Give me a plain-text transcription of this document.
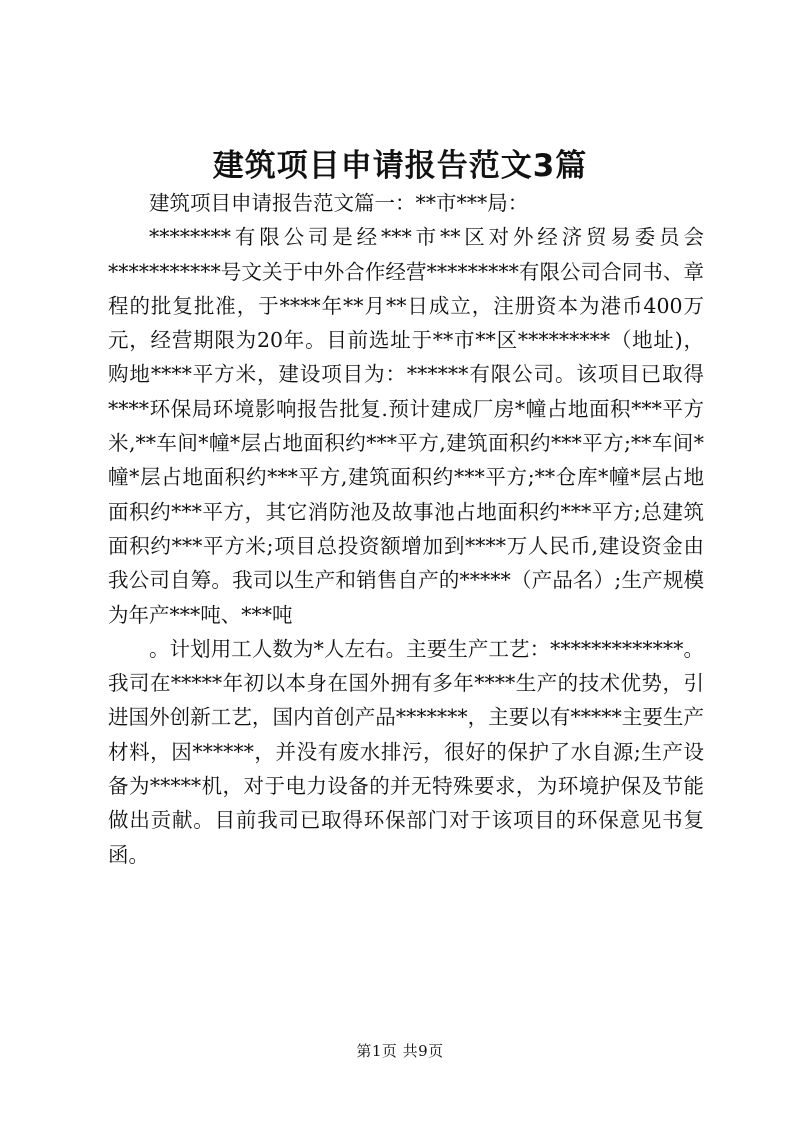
建筑项目申请报告范文3篇

建筑项目申请报告范文篇一：**市***局：

********有限公司是经***市**区对外经济贸易委员会***********号文关于中外合作经营*********有限公司合同书、章程的批复批准，于****年**月**日成立，注册资本为港币400万元，经营期限为20年。目前选址于**市**区*********（地址)，购地****平方米，建设项目为：******有限公司。该项目已取得****环保局环境影响报告批复.预计建成厂房*幢占地面积***平方米,**车间*幢*层占地面积约***平方,建筑面积约***平方;**车间*幢*层占地面积约***平方,建筑面积约***平方;**仓库*幢*层占地面积约***平方，其它消防池及故事池占地面积约***平方;总建筑面积约***平方米;项目总投资额增加到****万人民币,建设资金由我公司自筹。我司以生产和销售自产的*****（产品名）;生产规模为年产***吨、***吨

。计划用工人数为*人左右。主要生产工艺：*************。我司在*****年初以本身在国外拥有多年****生产的技术优势，引进国外创新工艺，国内首创产品*******，主要以有*****主要生产材料，因******，并没有废水排污，很好的保护了水自源;生产设备为*****机，对于电力设备的并无特殊要求，为环境护保及节能做出贡献。目前我司已取得环保部门对于该项目的环保意见书复函。

第1页 共9页
